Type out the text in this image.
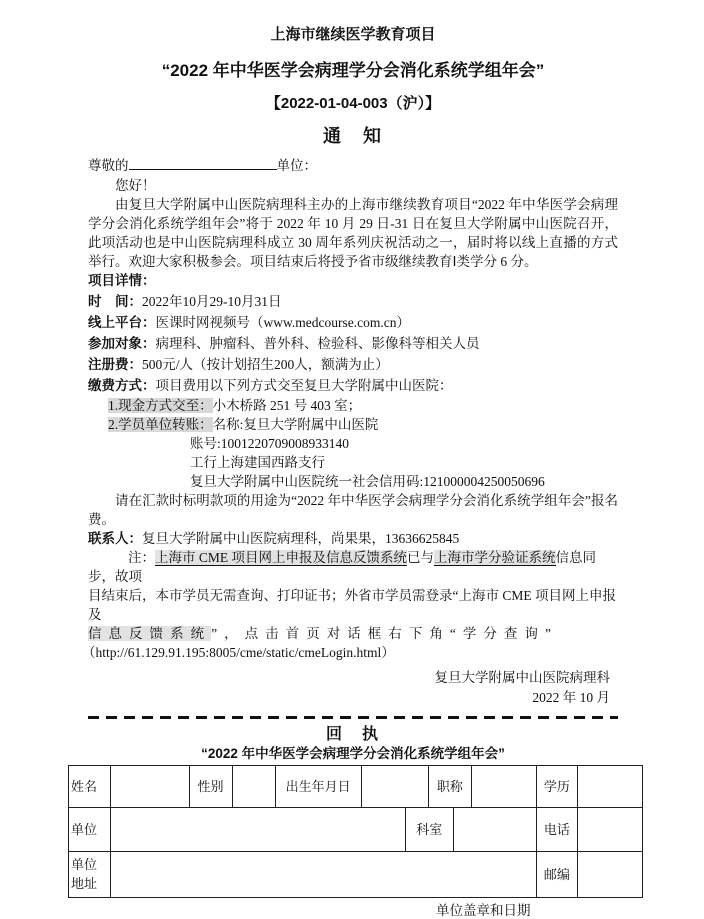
上海市继续医学教育项目
“2022 年中华医学会病理学分会消化系统学组年会”
【2022-01-04-003（沪）】
通　知
尊敬的	单位：
您好！
由复旦大学附属中山医院病理科主办的上海市继续教育项目“2022 年中华医学会病理学分会消化系统学组年会”将于 2022 年 10 月 29 日-31 日在复旦大学附属中山医院召开，此项活动也是中山医院病理科成立 30 周年系列庆祝活动之一，届时将以线上直播的方式举行。欢迎大家积极参会。项目结束后将授予省市级继续教育Ⅰ类学分 6 分。
项目详情：
时　间：2022年10月29-10月31日
线上平台：医课时网视频号（www.medcourse.com.cn）
参加对象：病理科、肿瘤科、普外科、检验科、影像科等相关人员
注册费：500元/人（按计划招生200人，额满为止）
缴费方式：项目费用以下列方式交至复旦大学附属中山医院：
1.现金方式交至：小木桥路 251 号 403 室；
2.学员单位转账：名称:复旦大学附属中山医院
账号:1001220709008933140
工行上海建国西路支行
复旦大学附属中山医院统一社会信用码:121000004250050696
请在汇款时标明款项的用途为“2022 年中华医学会病理学分会消化系统学组年会”报名费。
联系人：复旦大学附属中山医院病理科，尚果果，13636625845
注：上海市 CME 项目网上申报及信息反馈系统已与上海市学分验证系统信息同步，故项
目结束后，本市学员无需查询、打印证书；外省市学员需登录“上海市 CME 项目网上申报及
信息反馈系统”，点击首页对话框右下角“学分查询”
（http://61.129.91.195:8005/cme/static/cmeLogin.html）
复旦大学附属中山医院病理科
2022 年 10 月
回　执
“2022 年中华医学会病理学分会消化系统学组年会”
姓名		性别		出生年月日			职称			学历	
单位						科室				电话	

单位
地址										邮编	
单位盖章和日期
